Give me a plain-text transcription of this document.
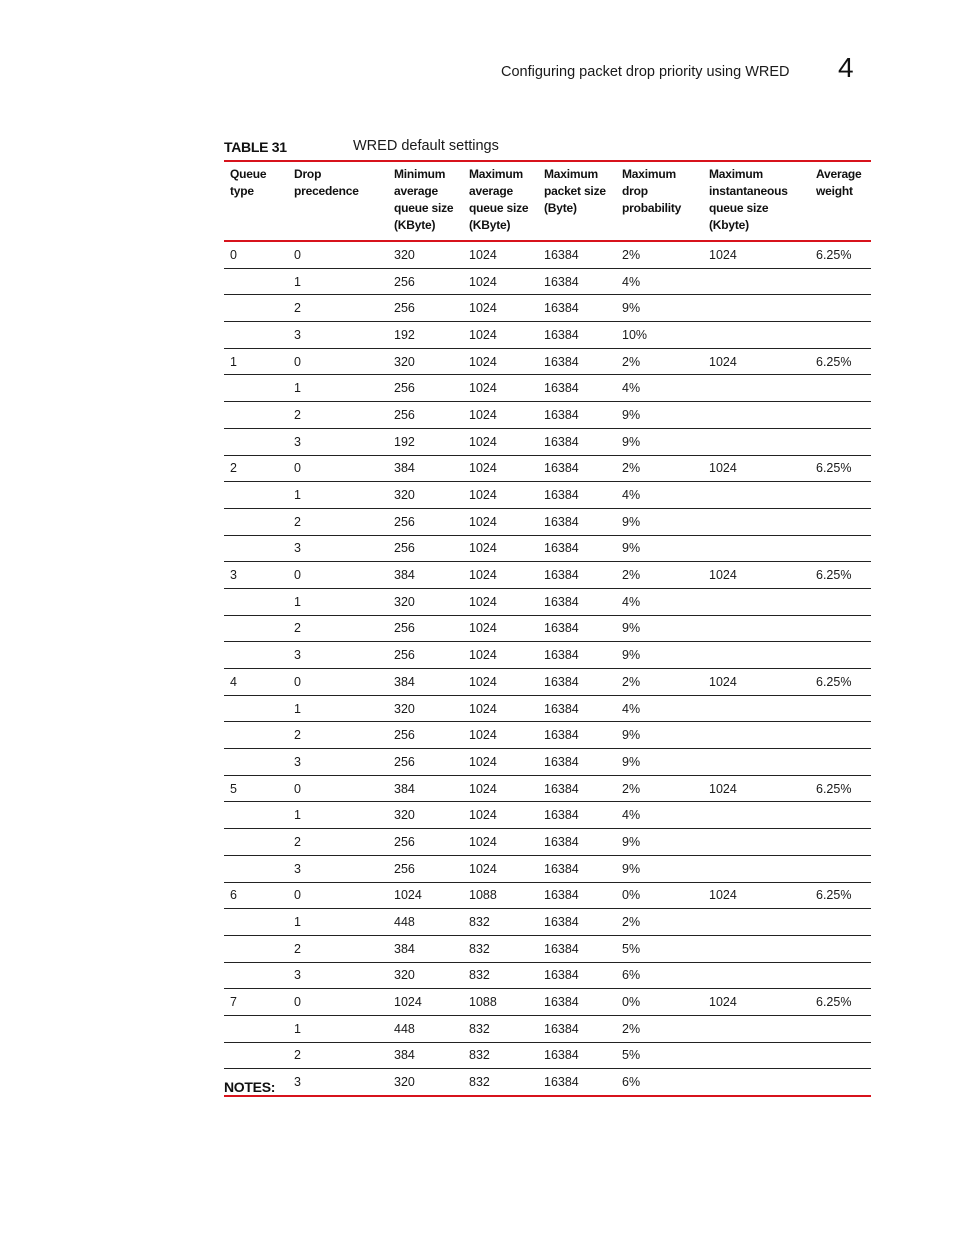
Configuring packet drop priority using WRED 4
TABLE 31	WRED default settings
Queue type	Drop precedence	Minimum average queue size (KByte)	Maximum average queue size (KByte)	Maximum packet size (Byte)	Maximum drop probability	Maximum instantaneous queue size (Kbyte)	Average weight
0	0	320	1024	16384	2%	1024	6.25%
	1	256	1024	16384	4%		
	2	256	1024	16384	9%		
	3	192	1024	16384	10%		
1	0	320	1024	16384	2%	1024	6.25%
	1	256	1024	16384	4%		
	2	256	1024	16384	9%		
	3	192	1024	16384	9%		
2	0	384	1024	16384	2%	1024	6.25%
	1	320	1024	16384	4%		
	2	256	1024	16384	9%		
	3	256	1024	16384	9%		
3	0	384	1024	16384	2%	1024	6.25%
	1	320	1024	16384	4%		
	2	256	1024	16384	9%		
	3	256	1024	16384	9%		
4	0	384	1024	16384	2%	1024	6.25%
	1	320	1024	16384	4%		
	2	256	1024	16384	9%		
	3	256	1024	16384	9%		
5	0	384	1024	16384	2%	1024	6.25%
	1	320	1024	16384	4%		
	2	256	1024	16384	9%		
	3	256	1024	16384	9%		
6	0	1024	1088	16384	0%	1024	6.25%
	1	448	832	16384	2%		
	2	384	832	16384	5%		
	3	320	832	16384	6%		
7	0	1024	1088	16384	0%	1024	6.25%
	1	448	832	16384	2%		
	2	384	832	16384	5%		
	3	320	832	16384	6%		
NOTES:
